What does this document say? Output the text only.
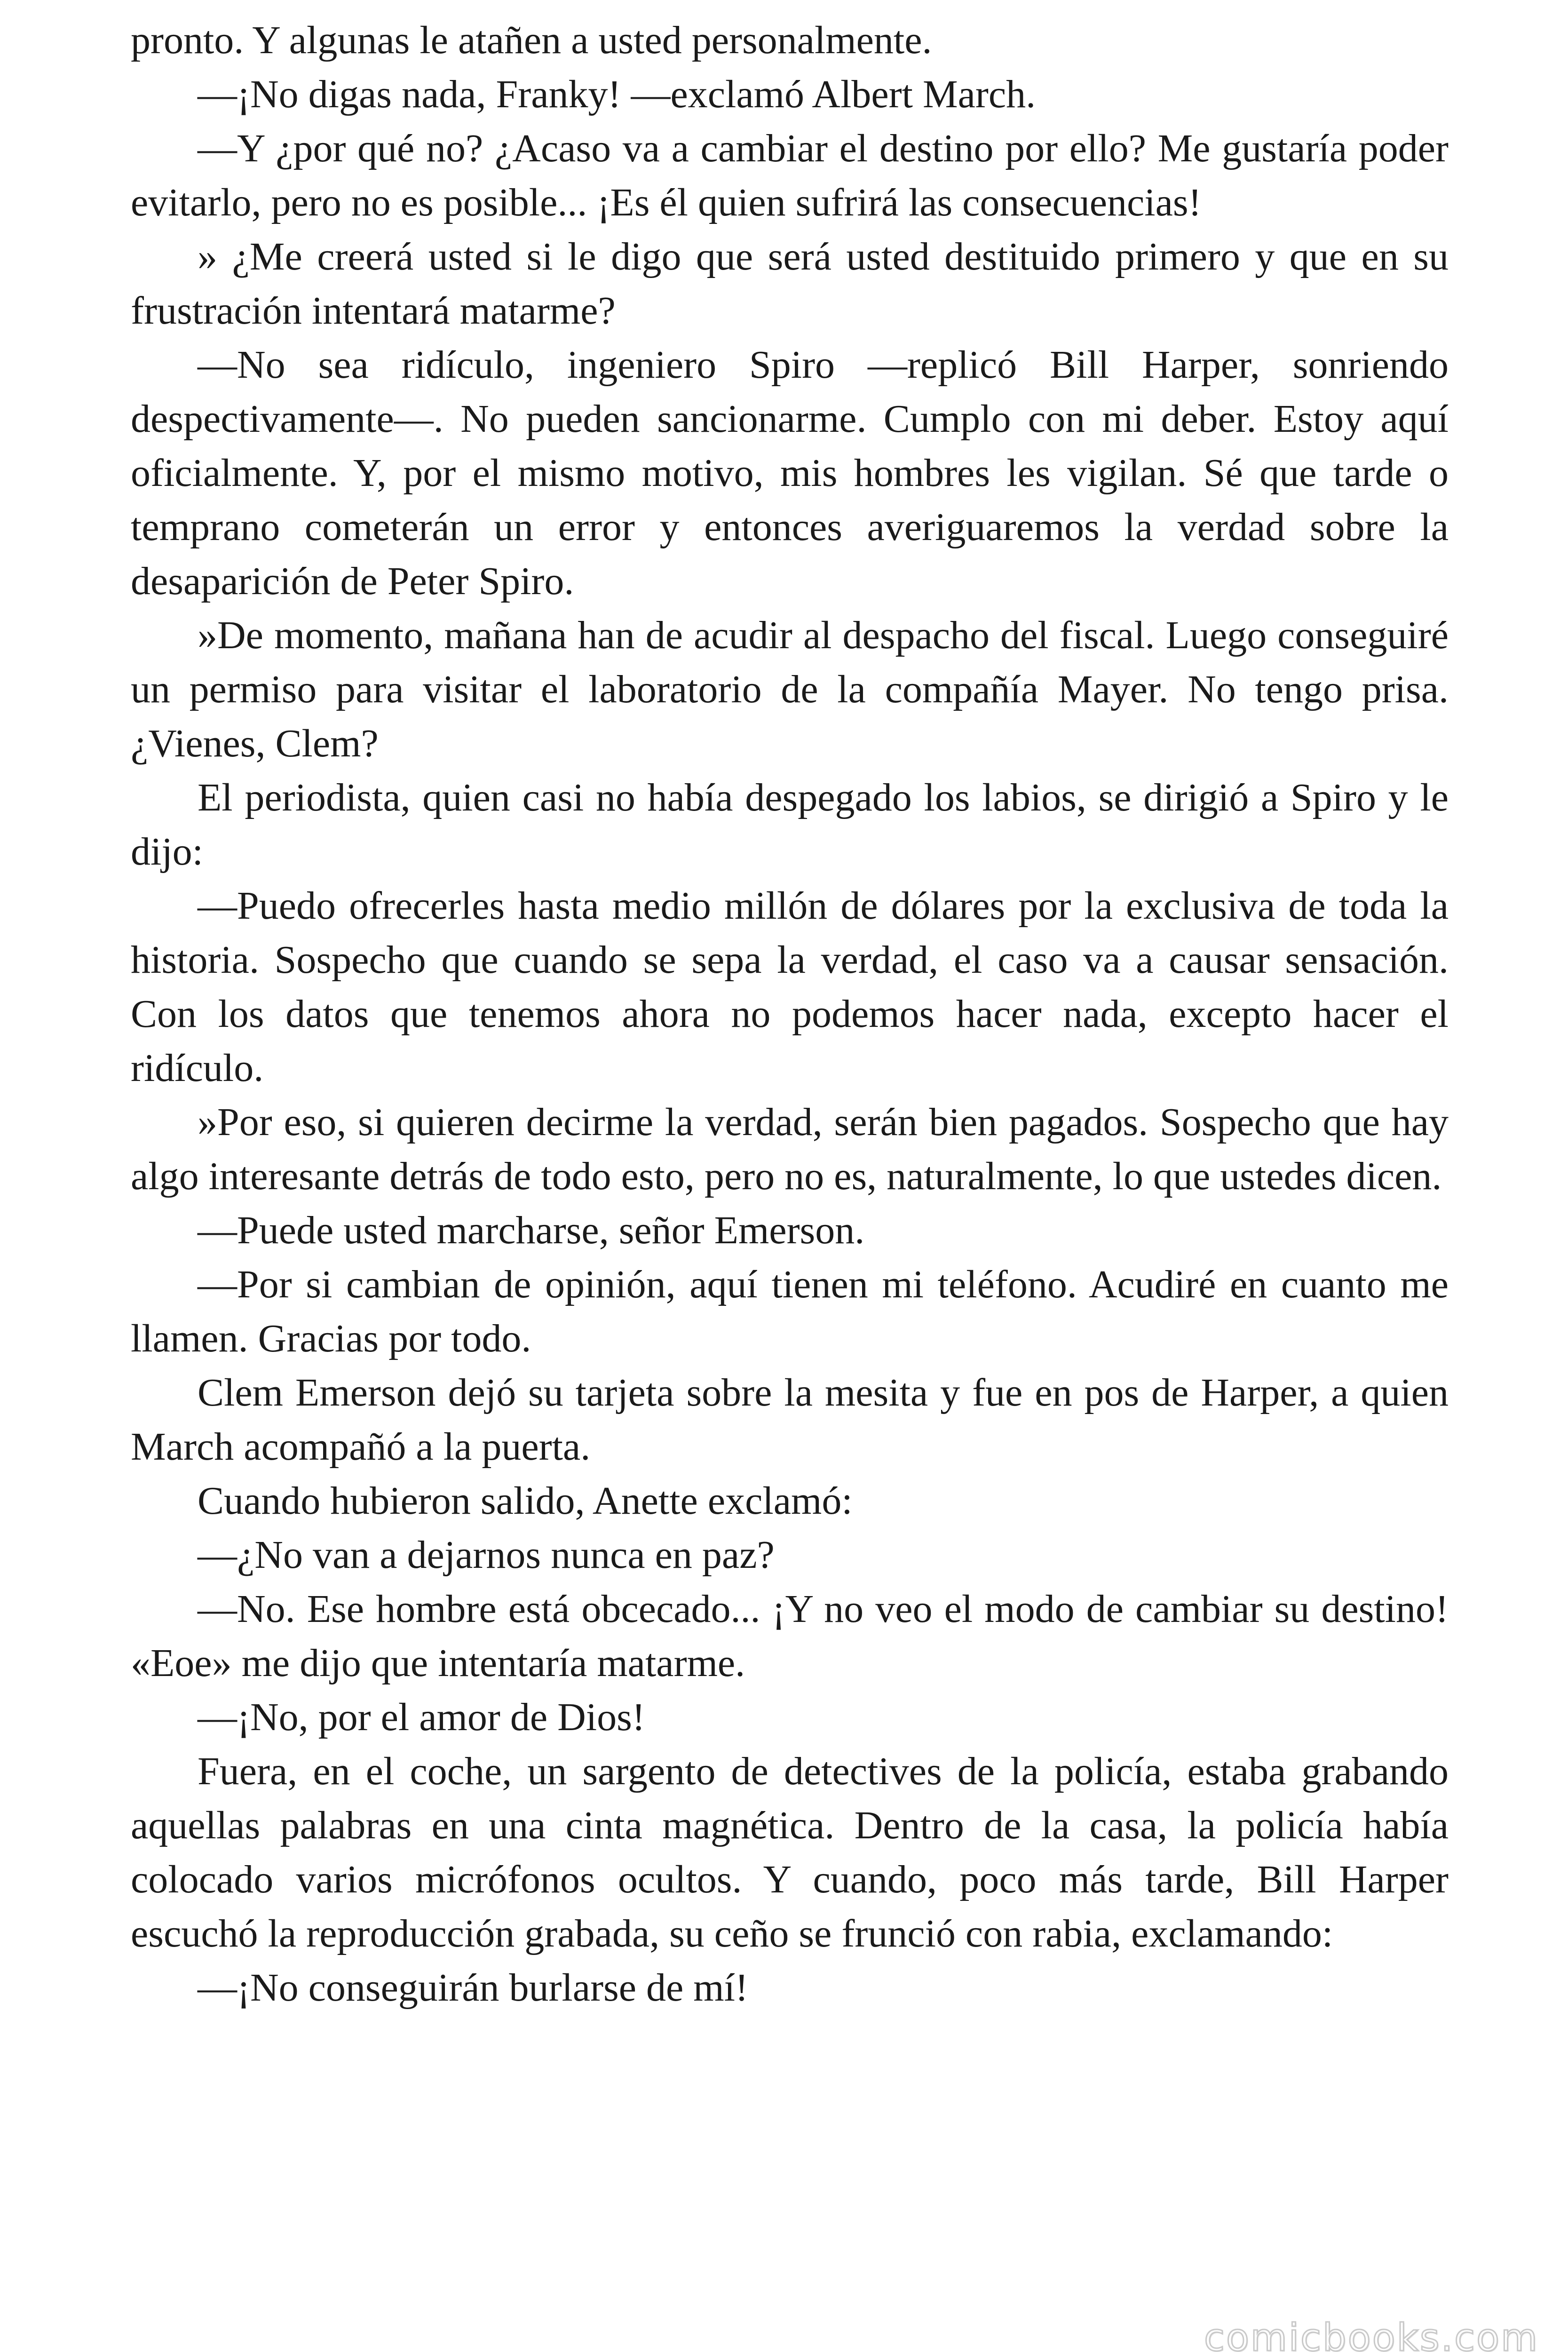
pronto. Y algunas le atañen a usted personalmente.

—¡No digas nada, Franky! —exclamó Albert March.

—Y ¿por qué no? ¿Acaso va a cambiar el destino por ello? Me gustaría poder evitarlo, pero no es posible... ¡Es él quien sufrirá las consecuencias!

» ¿Me creerá usted si le digo que será usted destituido primero y que en su frustración intentará matarme?

—No sea ridículo, ingeniero Spiro —replicó Bill Harper, sonriendo despectivamente—. No pueden sancionarme. Cumplo con mi deber. Estoy aquí oficialmente. Y, por el mismo motivo, mis hombres les vigilan. Sé que tarde o temprano cometerán un error y entonces averiguaremos la verdad sobre la desaparición de Peter Spiro.

»De momento, mañana han de acudir al despacho del fiscal. Luego conseguiré un permiso para visitar el laboratorio de la compañía Mayer. No tengo prisa. ¿Vienes, Clem?

El periodista, quien casi no había despegado los labios, se dirigió a Spiro y le dijo:

—Puedo ofrecerles hasta medio millón de dólares por la exclusiva de toda la historia. Sospecho que cuando se sepa la verdad, el caso va a causar sensación. Con los datos que tenemos ahora no podemos hacer nada, excepto hacer el ridículo.

»Por eso, si quieren decirme la verdad, serán bien pagados. Sospecho que hay algo interesante detrás de todo esto, pero no es, naturalmente, lo que ustedes dicen.

—Puede usted marcharse, señor Emerson.

—Por si cambian de opinión, aquí tienen mi teléfono. Acudiré en cuanto me llamen. Gracias por todo.

Clem Emerson dejó su tarjeta sobre la mesita y fue en pos de Harper, a quien March acompañó a la puerta.

Cuando hubieron salido, Anette exclamó:

—¿No van a dejarnos nunca en paz?

—No. Ese hombre está obcecado... ¡Y no veo el modo de cambiar su destino! «Eoe» me dijo que intentaría matarme.

—¡No, por el amor de Dios!

Fuera, en el coche, un sargento de detectives de la policía, estaba grabando aquellas palabras en una cinta magnética. Dentro de la casa, la policía había colocado varios micrófonos ocultos. Y cuando, poco más tarde, Bill Harper escuchó la reproducción grabada, su ceño se frunció con rabia, exclamando:

—¡No conseguirán burlarse de mí!

comicbooks.com
